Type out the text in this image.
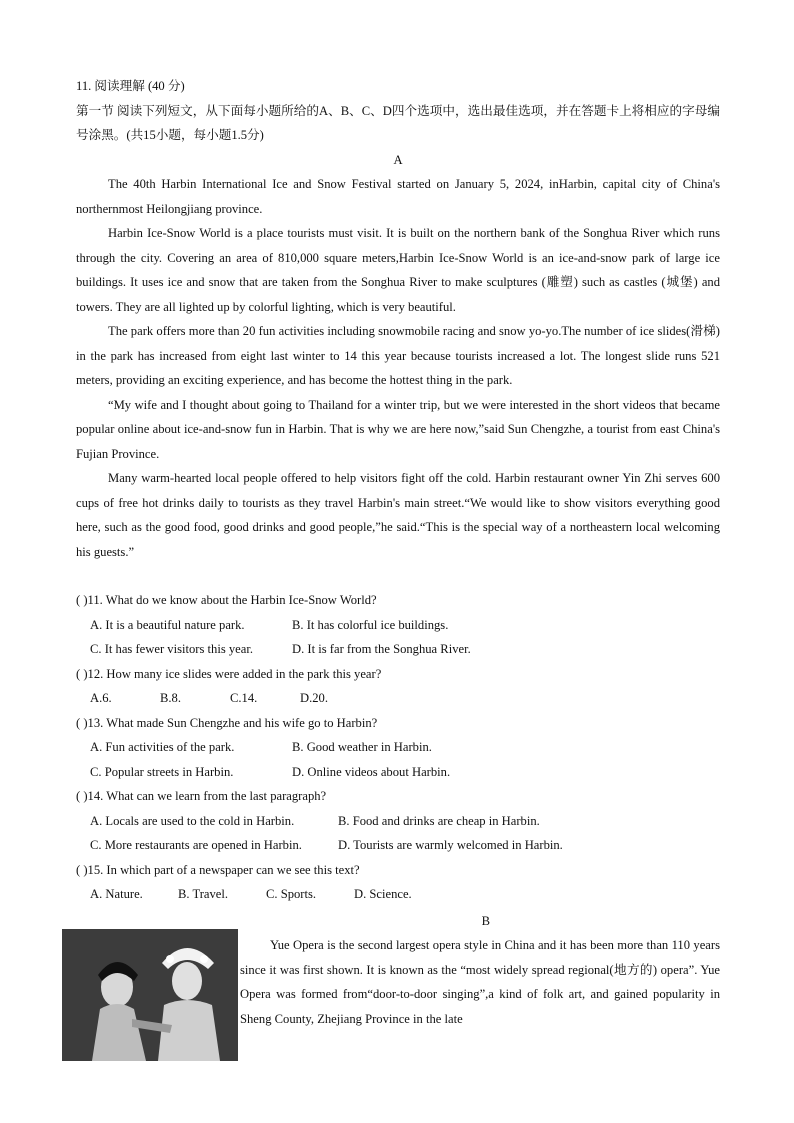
11. 阅读理解 (40 分)

第一节 阅读下列短文，从下面每小题所给的A、B、C、D四个选项中，选出最佳选项，并在答题卡上将相应的字母编号涂黑。(共15小题，每小题1.5分)

A

The 40th Harbin International Ice and Snow Festival started on January 5, 2024, inHarbin, capital city of China's northernmost Heilongjiang province.

Harbin Ice-Snow World is a place tourists must visit. It is built on the northern bank of the Songhua River which runs through the city. Covering an area of 810,000 square meters,Harbin Ice-Snow World is an ice-and-snow park of large ice buildings. It uses ice and snow that are taken from the Songhua River to make sculptures (雕塑) such as castles (城堡) and towers. They are all lighted up by colorful lighting, which is very beautiful.

The park offers more than 20 fun activities including snowmobile racing and snow yo-yo.The number of ice slides(滑梯) in the park has increased from eight last winter to 14 this year because tourists increased a lot. The longest slide runs 521 meters, providing an exciting experience, and has become the hottest thing in the park.

“My wife and I thought about going to Thailand for a winter trip, but we were interested in the short videos that became popular online about ice-and-snow fun in Harbin. That is why we are here now,”said Sun Chengzhe, a tourist from east China's Fujian Province.

Many warm-hearted local people offered to help visitors fight off the cold. Harbin restaurant owner Yin Zhi serves 600 cups of free hot drinks daily to tourists as they travel Harbin's main street.“We would like to show visitors everything good here, such as the good food, good drinks and good people,”he said.“This is the special way of a northeastern local welcoming his guests.”

( )11. What do we know about the Harbin Ice-Snow World?

A. It is a beautiful nature park.	B. It has colorful ice buildings.
C. It has fewer visitors this year.	D. It is far from the Songhua River.

( )12. How many ice slides were added in the park this year?

A.6.	B.8.	C.14.	D.20.

( )13. What made Sun Chengzhe and his wife go to Harbin?

A. Fun activities of the park.	B. Good weather in Harbin.
C. Popular streets in Harbin.	D. Online videos about Harbin.

( )14. What can we learn from the last paragraph?

A. Locals are used to the cold in Harbin.	B. Food and drinks are cheap in Harbin.
C. More restaurants are opened in Harbin.	D. Tourists are warmly welcomed in Harbin.

( )15. In which part of a newspaper can we see this text?

A. Nature.	B. Travel.	C. Sports.	D. Science.

B

Yue Opera is the second largest opera style in China and it has been more than 110 years since it was first shown. It is known as the “most widely spread regional(地方的) opera”. Yue Opera was formed from“door-to-door singing”,a kind of folk art, and gained popularity in Sheng County, Zhejiang Province in the late
